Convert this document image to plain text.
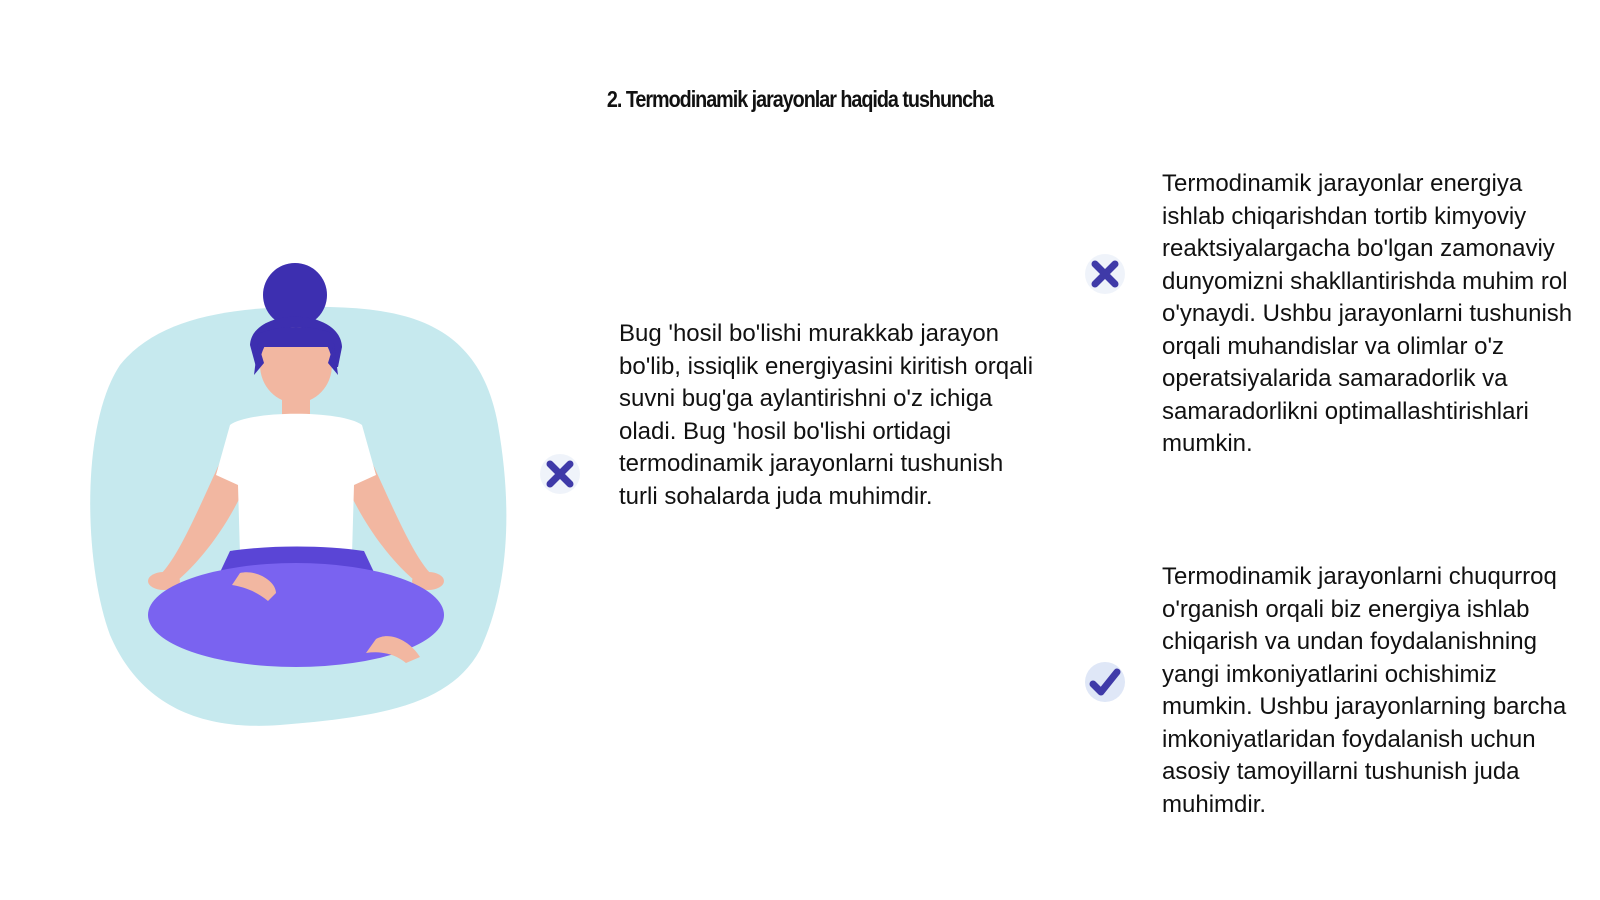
2. Termodinamik jarayonlar haqida tushuncha
Bug 'hosil bo'lishi murakkab jarayon bo'lib, issiqlik energiyasini kiritish orqali suvni bug'ga aylantirishni o'z ichiga oladi. Bug 'hosil bo'lishi ortidagi termodinamik jarayonlarni tushunish turli sohalarda juda muhimdir.
Termodinamik jarayonlar energiya ishlab chiqarishdan tortib kimyoviy reaktsiyalargacha bo'lgan zamonaviy dunyomizni shakllantirishda muhim rol o'ynaydi. Ushbu jarayonlarni tushunish orqali muhandislar va olimlar o'z operatsiyalarida samaradorlik va samaradorlikni optimallashtirishlari mumkin.
Termodinamik jarayonlarni chuqurroq o'rganish orqali biz energiya ishlab chiqarish va undan foydalanishning yangi imkoniyatlarini ochishimiz mumkin. Ushbu jarayonlarning barcha imkoniyatlaridan foydalanish uchun asosiy tamoyillarni tushunish juda muhimdir.
